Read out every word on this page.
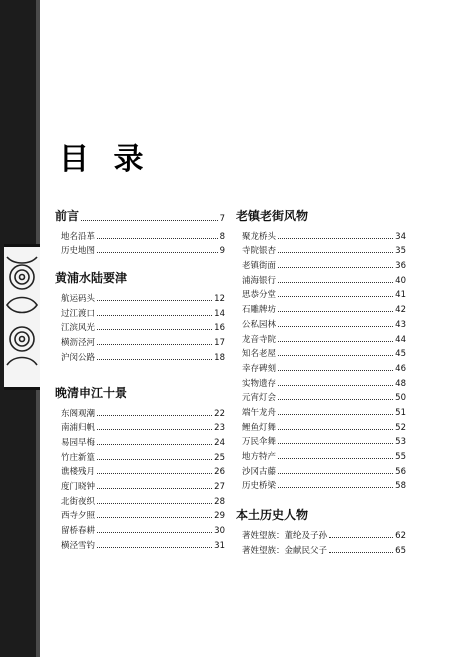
目 录
前言	7
地名沿革	8
历史地图	9
黄浦水陆要津
航运码头	12
过江渡口	14
江滨风光	16
横沥泾河	17
沪闵公路	18
晚清申江十景
东阁观潮	22
南浦归帆	23
易园早梅	24
竹庄新篁	25
谯楼残月	26
度门晓钟	27
北街夜织	28
西寺夕照	29
留桥春耕	30
横泾雪钓	31
老镇老街风物
聚龙桥头	34
寺院银杏	35
老镇街面	36
浦海银行	40
思恭分堂	41
石雕牌坊	42
公私园林	43
龙音寺院	44
知名老屋	45
幸存碑刻	46
实物遗存	48
元宵灯会	50
端午龙舟	51
鲤鱼灯舞	52
万民伞舞	53
地方特产	55
沙冈古藤	56
历史桥梁	58
本土历史人物
著姓望族：董纶及子孙	62
著姓望族：金献民父子	65
